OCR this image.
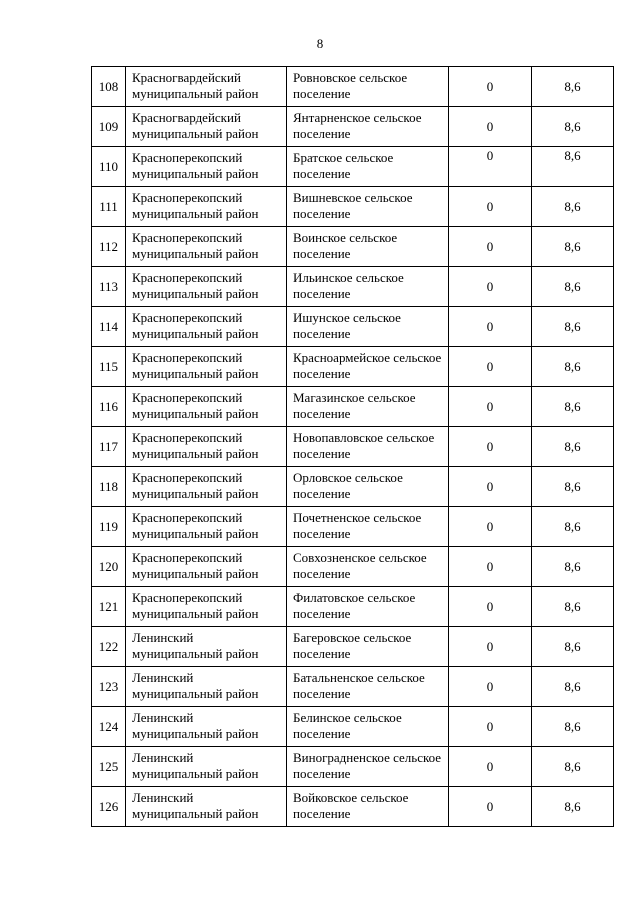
8
108	Красногвардейский муниципальный район	Ровновское сельское поселение	0	8,6

109	Красногвардейский муниципальный район	Янтарненское сельское поселение	0	8,6

110	Красноперекопский муниципальный район	Братское сельское поселение	0	8,6

111	Красноперекопский муниципальный район	Вишневское сельское поселение	0	8,6

112	Красноперекопский муниципальный район	Воинское сельское поселение	0	8,6

113	Красноперекопский муниципальный район	Ильинское сельское поселение	0	8,6

114	Красноперекопский муниципальный район	Ишунское сельское поселение	0	8,6

115	Красноперекопский муниципальный район	Красноармейское сельское поселение	0	8,6

116	Красноперекопский муниципальный район	Магазинское сельское поселение	0	8,6

117	Красноперекопский муниципальный район	Новопавловское сельское поселение	0	8,6

118	Красноперекопский муниципальный район	Орловское сельское поселение	0	8,6

119	Красноперекопский муниципальный район	Почетненское сельское поселение	0	8,6

120	Красноперекопский муниципальный район	Совхозненское сельское поселение	0	8,6

121	Красноперекопский муниципальный район	Филатовское сельское поселение	0	8,6

122	Ленинский муниципальный район	Багеровское сельское поселение	0	8,6

123	Ленинский муниципальный район	Батальненское сельское поселение	0	8,6

124	Ленинский муниципальный район	Белинское сельское поселение	0	8,6

125	Ленинский муниципальный район	Виноградненское сельское поселение	0	8,6

126	Ленинский муниципальный район	Войковское сельское поселение	0	8,6
